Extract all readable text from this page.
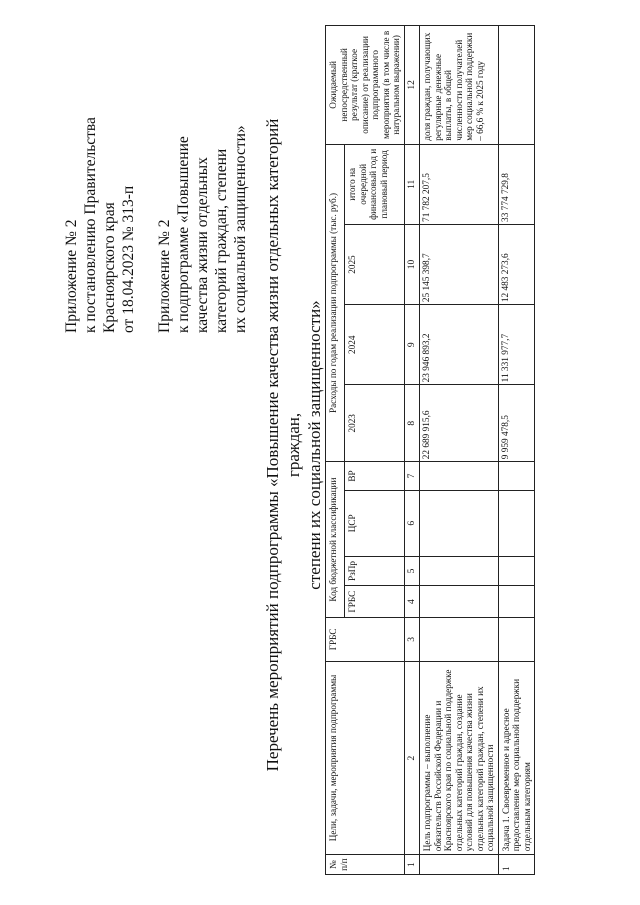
Приложение № 2 к постановлению Правительства Красноярского края от 18.04.2023 № 313-п Приложение № 2 к подпрограмме «Повышение качества жизни отдельных категорий граждан, степени их социальной защищенности» Перечень мероприятий подпрограммы «Повышение качества жизни отдельных категорий граждан, степени их социальной защищенности»
№ п/п	Цели, задачи, мероприятия подпрограммы	ГРБС	Код бюджетной классификации				Расходы по годам реализации подпрограммы (тыс. руб.)				Ожидаемый непосредственный результат (краткое описание) от реализации подпрограммного мероприятия (в том числе в натуральном выражении)
			ГРБС	РзПр	ЦСР	ВР	2023	2024	2025	итого на очередной финансовый год и плановый период	
1	2	3	4	5	6	7	8	9	10	11	12
	Цель подпрограммы – выполнение обязательств Российской Федерации и Красноярского края по социальной поддержке отдельных категорий граждан, создание условий для повышения качества жизни отдельных категорий граждан, степени их социальной защищенности						22 689 915,6	23 946 893,2	25 145 398,7	71 782 207,5	доля граждан, получающих регулярные денежные выплаты, в общей численности получателей мер социальной поддержки – 66,6 % к 2025 году
1	Задача 1. Своевременное и адресное предоставление мер социальной поддержки отдельным категориям						9 959 478,5	11 331 977,7	12 483 273,6	33 774 729,8	
